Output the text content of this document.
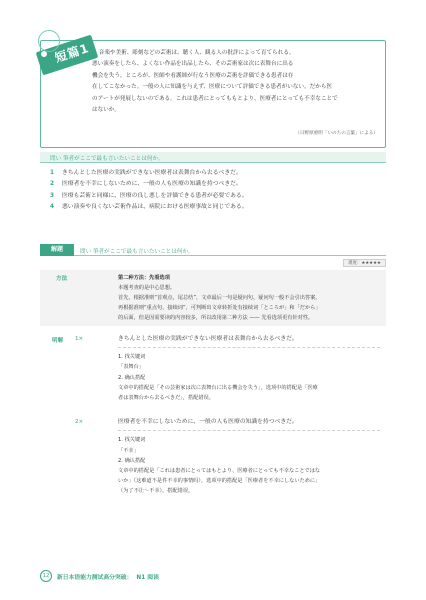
短篇1	音楽や美術、彫刻などの芸術は、聴く人、観る人の批評によって育てられる。

悪い演奏をしたら、よくない作品を出品したら、その芸術家は次に表舞台に出る
機会を失う。ところが、医師や看護師が行なう医療の芸術を評価できる患者は存
在してこなかった。一般の人に知識を与えず、医療について評価できる患者がいない。だから医
のアートが発展しないのである。これは患者にとってももとより、医療者にとっても不幸なことで
はないか。
（日野原重明「いのちの言葉」による）
問い 筆者がここで最も言いたいことは何か。
1	きちんとした医療の実践ができない医療者は表舞台から去るべきだ。
2	医療者を不幸にしないために、一般の人も医療の知識を持つべきだ。
3	医療も芸術と同様に、医療の良し悪しを評価できる患者が必要である。
4	悪い演奏や良くない芸術作品は、病院における医療事故と同じである。
解题	問い 筆者がここで最も言いたいことは何か。
难度：★★★★★
方法	第二种方法：先看选项
本题考查的是中心思想。
首先，根据准则“首观点，尾总结”，文章最后一句是疑问句，疑问句一般不会引出答案。
再根据准则“重点句，接续词”，可判断出文章转折处有接续词「ところが」和「だから」
的后面，但是因需要读的内容较多，所以改用第二种方法 —— 先看选项更有针对性。
明解 1×	きちんとした医療の実践ができない医療者は表舞台から去るべきだ。
1. 找关键词
「表舞台」
2. 确认搭配
文章中的搭配是「その芸術家は次に表舞台に出る機会を失う」，选项中的搭配是「医療
者は表舞台から去るべきだ」，搭配错误。
2×	医療者を不幸にしないために、一般の人も医療の知識を持つべきだ。
1. 找关键词
「不幸」
2. 确认搭配
文章中的搭配是「これは患者にとってはもとより、医療者にとっても不幸なことではな
いか」（这难道不是件不幸的事情吗），选项中的搭配是「医療者を不幸にしないために」
（为了不让～不幸），搭配错误。
12	新日本语能力测试高分突破： N1 阅读
